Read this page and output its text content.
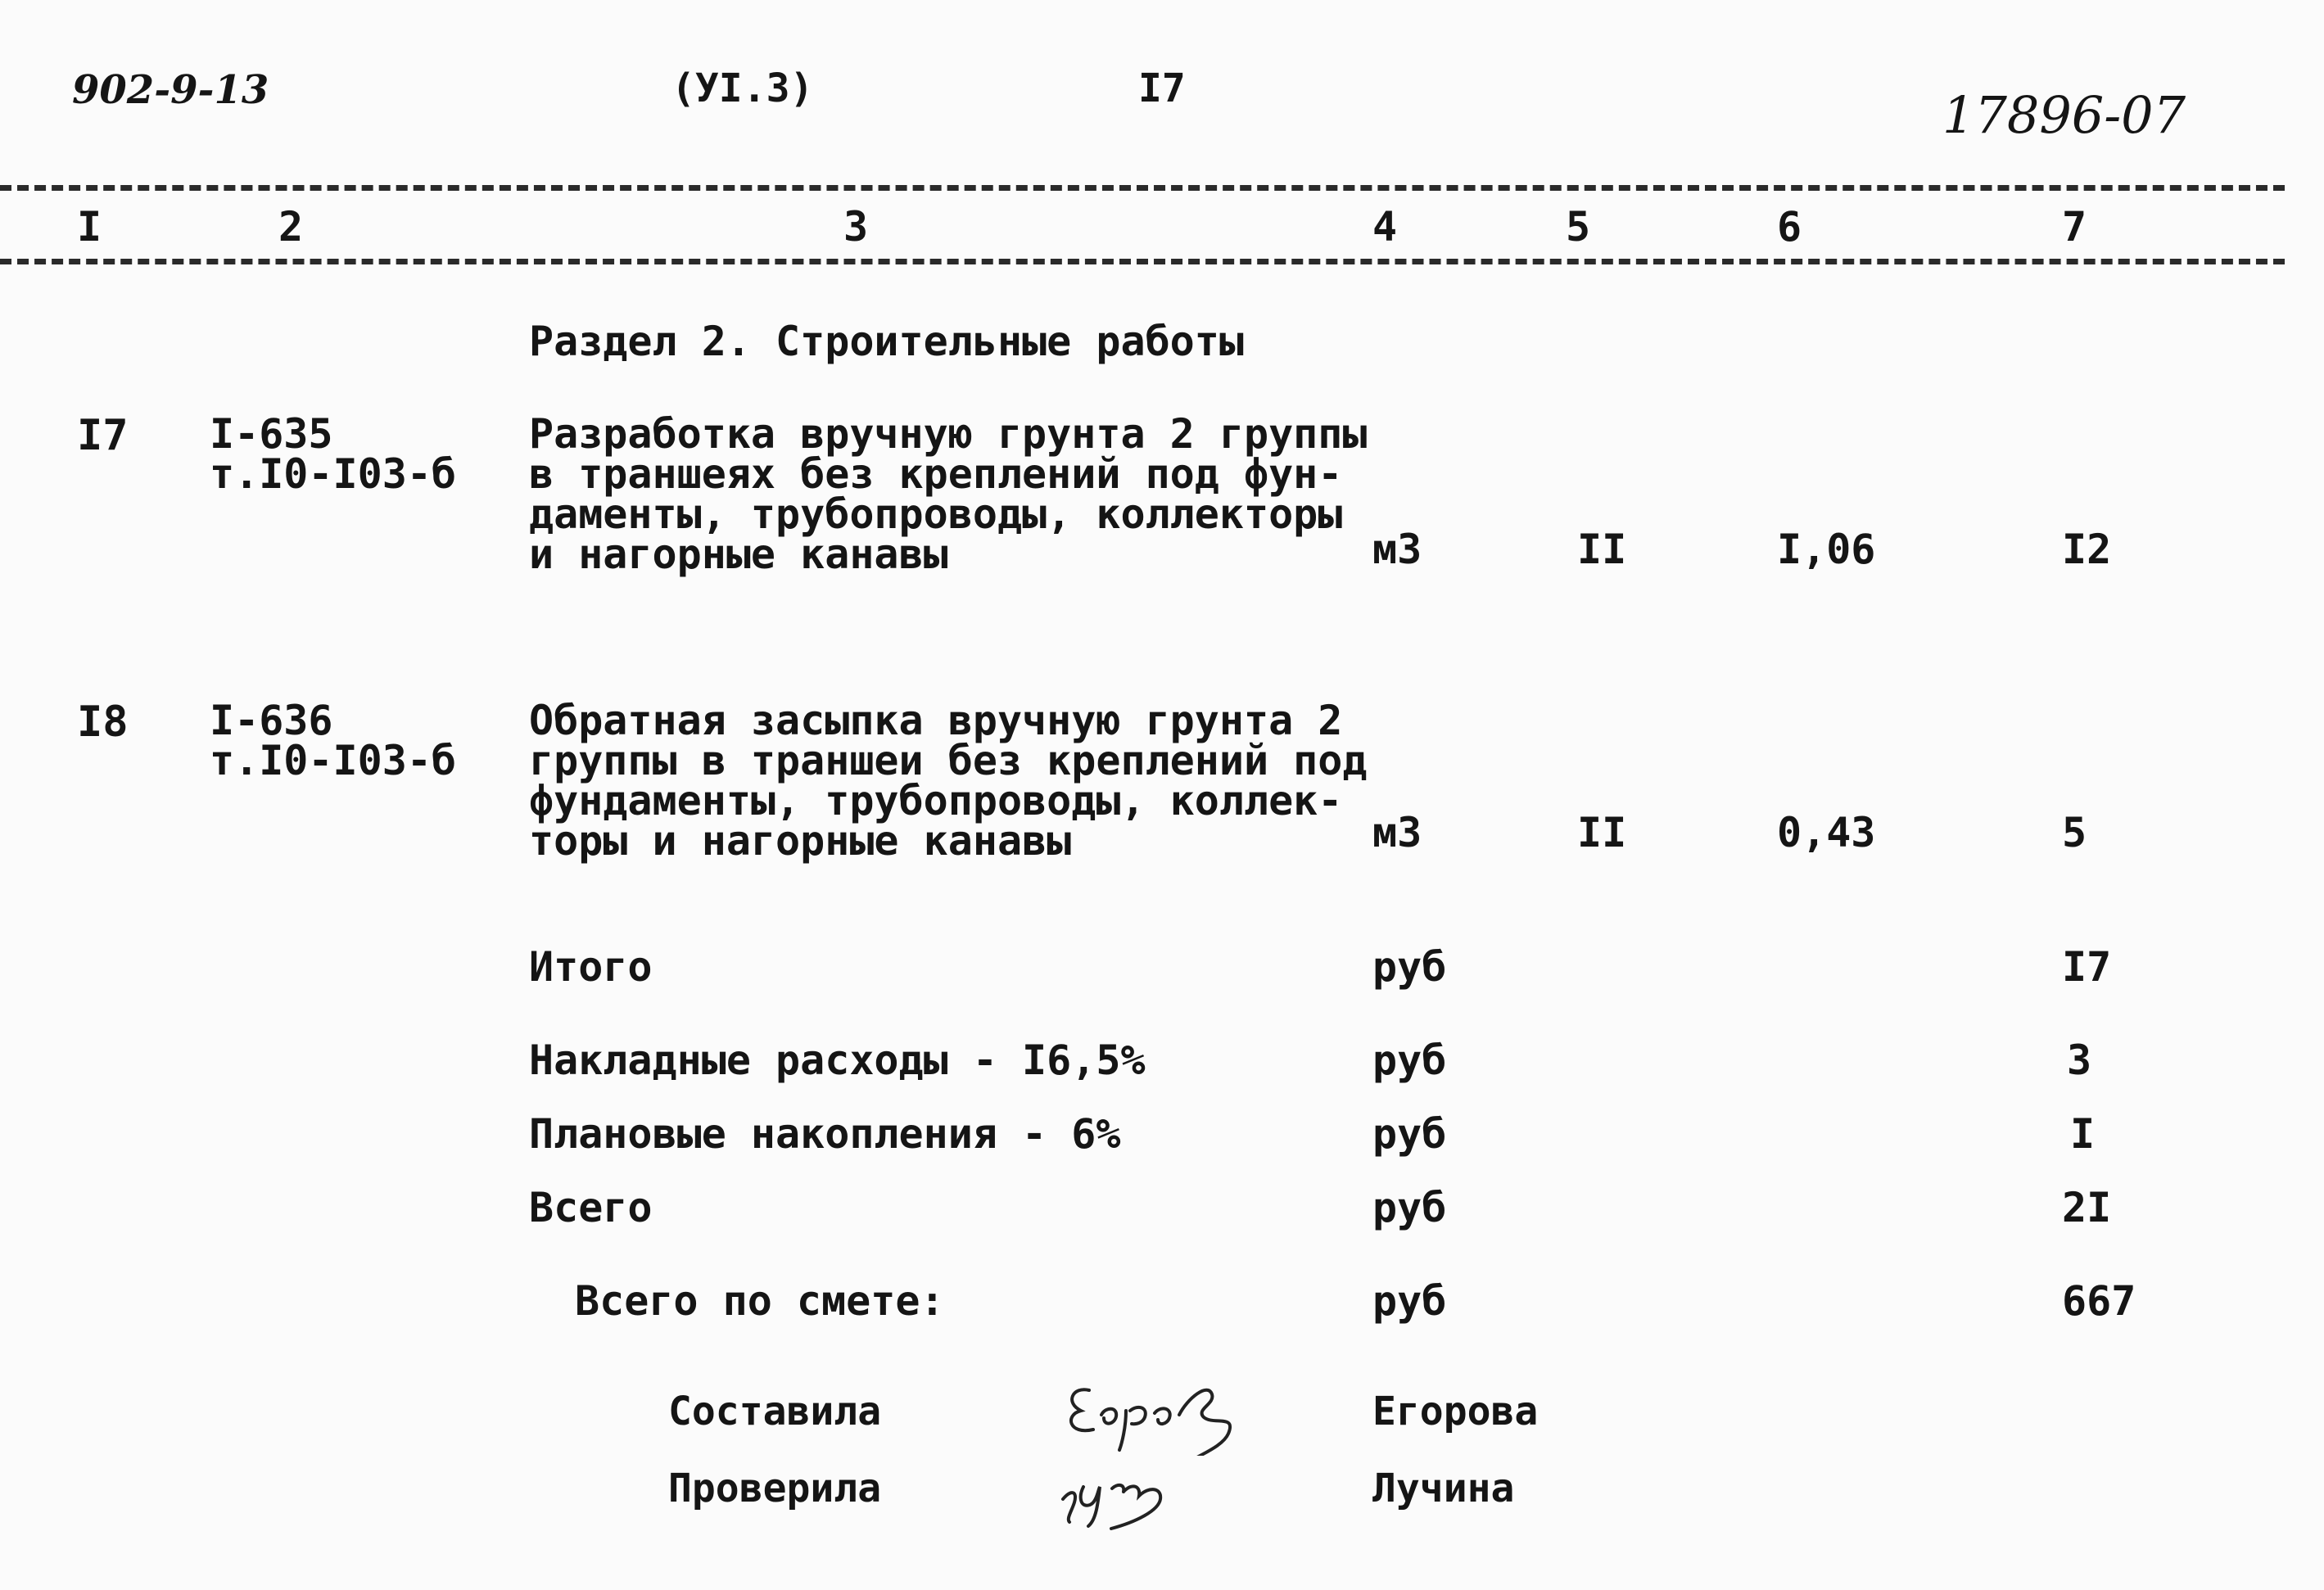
902-9-13	(УI.3)	I7	17896-07
I	2	3	4	5	6	7
Раздел 2. Строительные работы
I7 I-635
т.I0-I03-б
Разработка вручную грунта 2 группы
в траншеях без креплений под фун-
даменты, трубопроводы, коллекторы
и нагорные канавы	м3	II	I,06	I2
I8 I-636
т.I0-I03-б
Обратная засыпка вручную грунта 2
группы в траншеи без креплений под
фундаменты, трубопроводы, коллек-
торы и нагорные канавы	м3	II	0,43	5
Итого	руб	I7
Накладные расходы - I6,5%	руб	3
Плановые накопления - 6%	руб	I
Всего	руб	2I
Всего по смете:	руб	667
Составила	Егорова
Проверила	Лучина
